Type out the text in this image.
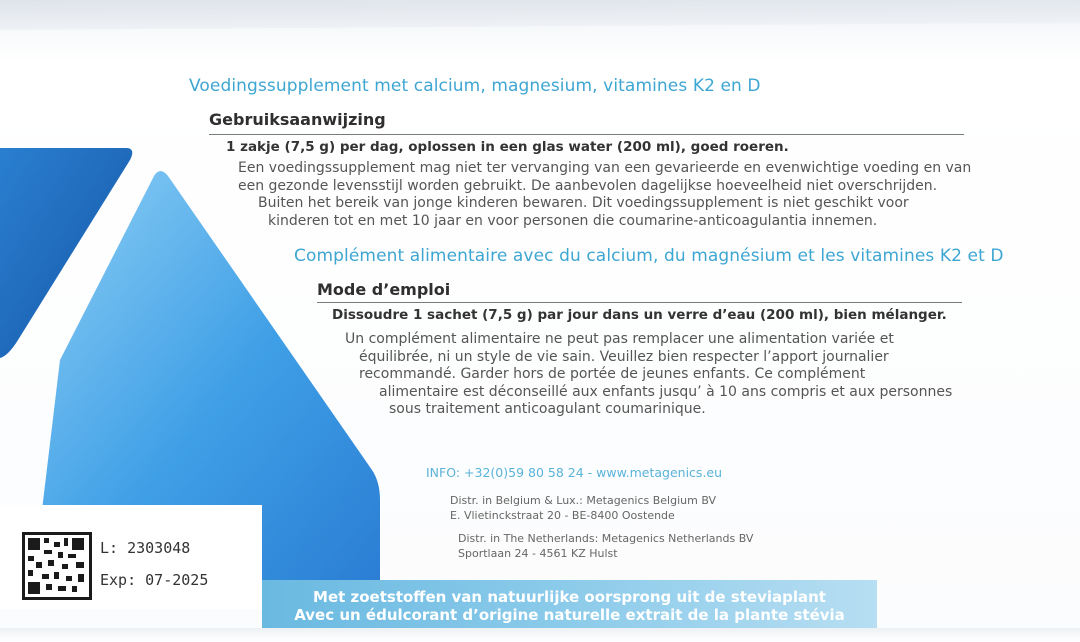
Voedingssupplement met calcium, magnesium, vitamines K2 en D
Gebruiksaanwijzing
1 zakje (7,5 g) per dag, oplossen in een glas water (200 ml), goed roeren.
Een voedingssupplement mag niet ter vervanging van een gevarieerde en evenwichtige voeding en van
een gezonde levensstijl worden gebruikt. De aanbevolen dagelijkse hoeveelheid niet overschrijden.
Buiten het bereik van jonge kinderen bewaren. Dit voedingssupplement is niet geschikt voor
kinderen tot en met 10 jaar en voor personen die coumarine-anticoagulantia innemen.
Complément alimentaire avec du calcium, du magnésium et les vitamines K2 et D
Mode d’emploi
Dissoudre 1 sachet (7,5 g) par jour dans un verre d’eau (200 ml), bien mélanger.
Un complément alimentaire ne peut pas remplacer une alimentation variée et
équilibrée, ni un style de vie sain. Veuillez bien respecter l’apport journalier
recommandé. Garder hors de portée de jeunes enfants. Ce complément
alimentaire est déconseillé aux enfants jusqu’ à 10 ans compris et aux personnes
sous traitement anticoagulant coumarinique.
INFO: +32(0)59 80 58 24 - www.metagenics.eu
Distr. in Belgium & Lux.: Metagenics Belgium BV
E. Vlietinckstraat 20 - BE-8400 Oostende
Distr. in The Netherlands: Metagenics Netherlands BV
Sportlaan 24 - 4561 KZ Hulst
L: 2303048
Exp: 07-2025
Met zoetstoffen van natuurlijke oorsprong uit de steviaplant
Avec un édulcorant d’origine naturelle extrait de la plante stévia
